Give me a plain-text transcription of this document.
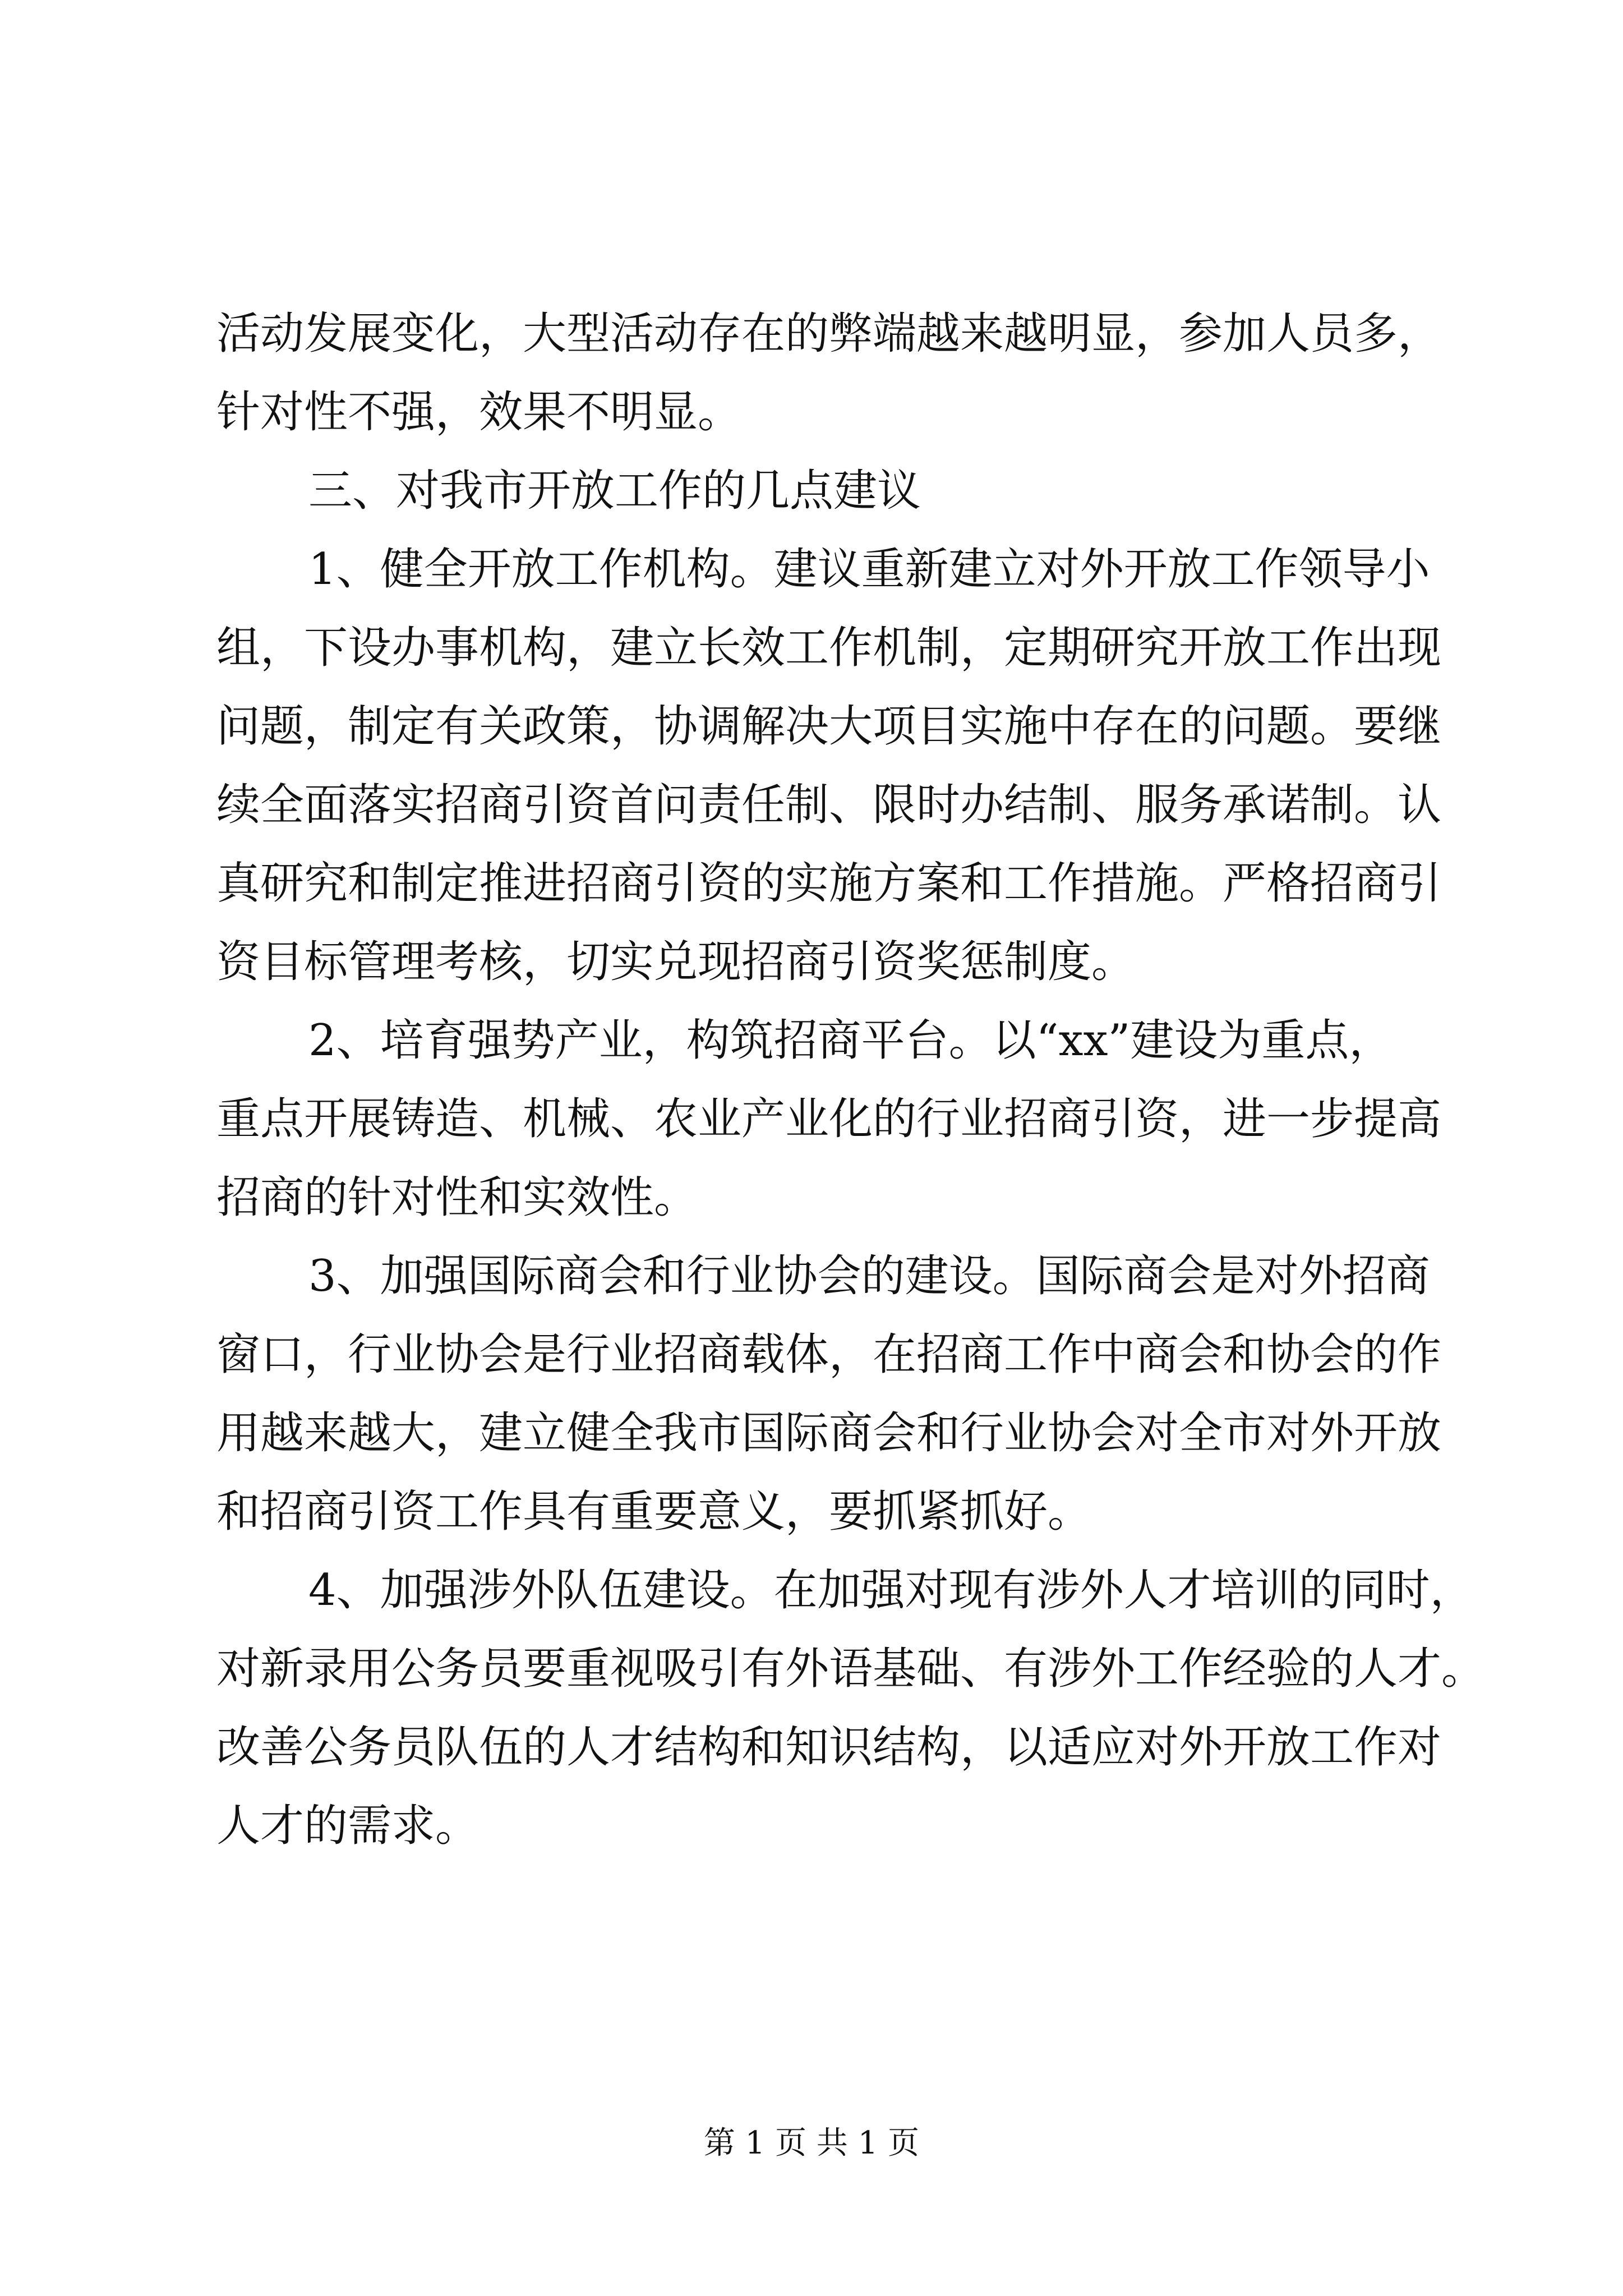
活动发展变化，大型活动存在的弊端越来越明显，参加人员多，
针对性不强，效果不明显。
三、对我市开放工作的几点建议
1、健全开放工作机构。建议重新建立对外开放工作领导小
组，下设办事机构，建立长效工作机制，定期研究开放工作出现
问题，制定有关政策，协调解决大项目实施中存在的问题。要继
续全面落实招商引资首问责任制、限时办结制、服务承诺制。认
真研究和制定推进招商引资的实施方案和工作措施。严格招商引
资目标管理考核，切实兑现招商引资奖惩制度。
2、培育强势产业，构筑招商平台。以“xx”建设为重点，
重点开展铸造、机械、农业产业化的行业招商引资，进一步提高
招商的针对性和实效性。
3、加强国际商会和行业协会的建设。国际商会是对外招商
窗口，行业协会是行业招商载体，在招商工作中商会和协会的作
用越来越大，建立健全我市国际商会和行业协会对全市对外开放
和招商引资工作具有重要意义，要抓紧抓好。
4、加强涉外队伍建设。在加强对现有涉外人才培训的同时，
对新录用公务员要重视吸引有外语基础、有涉外工作经验的人才。
改善公务员队伍的人才结构和知识结构，以适应对外开放工作对
人才的需求。
第 1 页 共 1 页
